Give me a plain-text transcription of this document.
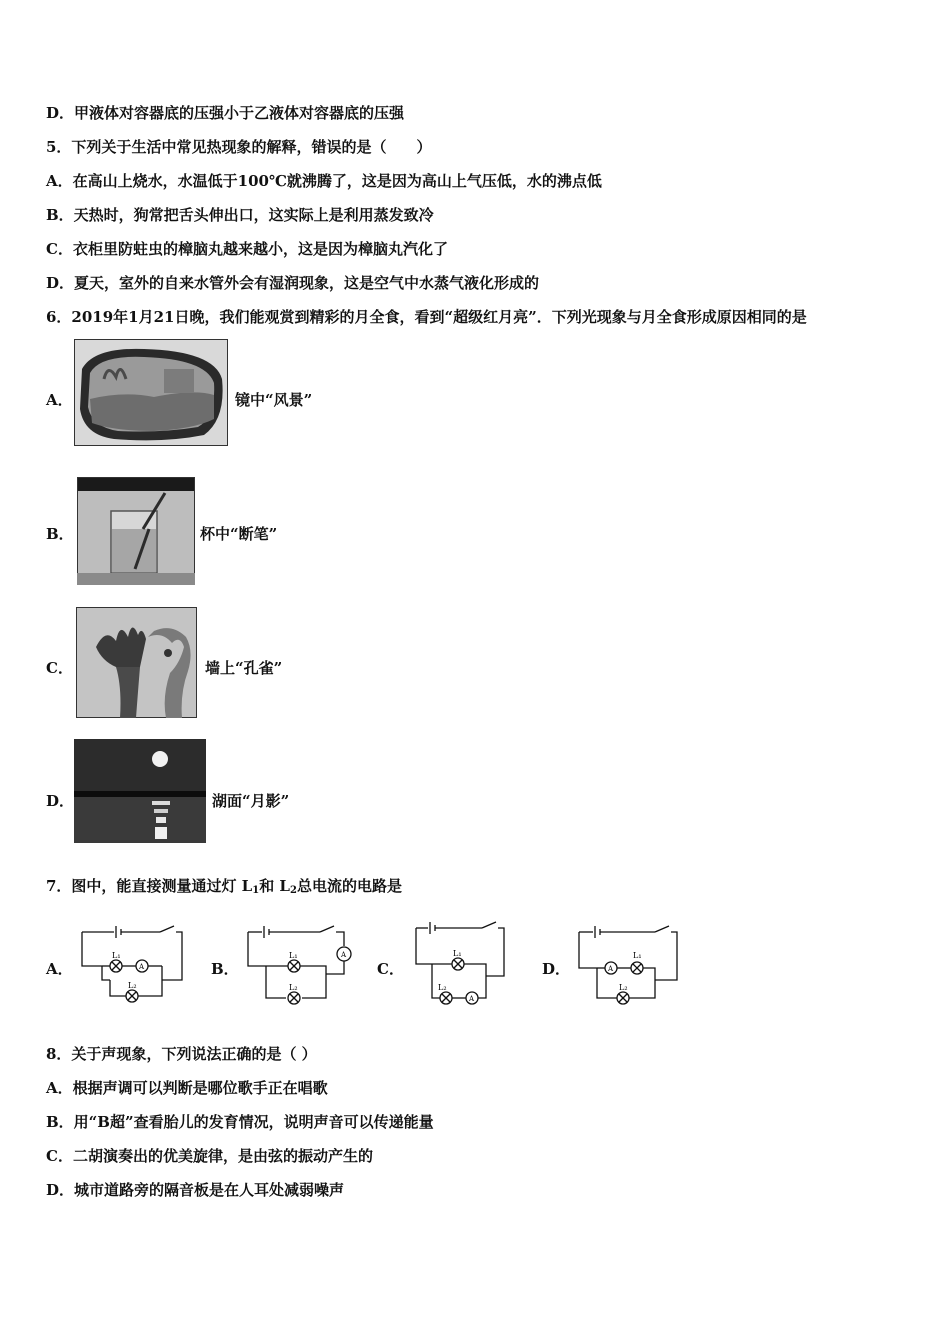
D．甲液体对容器底的压强小于乙液体对容器底的压强
5．下列关于生活中常见热现象的解释，错误的是（　　）
A．在高山上烧水，水温低于100℃就沸腾了，这是因为高山上气压低，水的沸点低
B．天热时，狗常把舌头伸出口，这实际上是利用蒸发致冷
C．衣柜里防蛀虫的樟脑丸越来越小，这是因为樟脑丸汽化了
D．夏天，室外的自来水管外会有湿润现象，这是空气中水蒸气液化形成的
6．2019年1月21日晚，我们能观赏到精彩的月全食，看到“超级红月亮”．下列光现象与月全食形成原因相同的是
A．	镜中“风景”
B．	杯中“断笔”
C．	墙上“孔雀”
D．	湖面“月影”
7．图中，能直接测量通过灯 $L_1$和 $L_2$总电流的电路是
A．
L₁
A
L₂
B．
L₁	A
L₂
C．
L₁
L₂
A
D．	A
L₁
L₂
8．关于声现象，下列说法正确的是（ ）
A．根据声调可以判断是哪位歌手正在唱歌
B．用“B超”查看胎儿的发育情况，说明声音可以传递能量
C．二胡演奏出的优美旋律，是由弦的振动产生的
D．城市道路旁的隔音板是在人耳处减弱噪声
